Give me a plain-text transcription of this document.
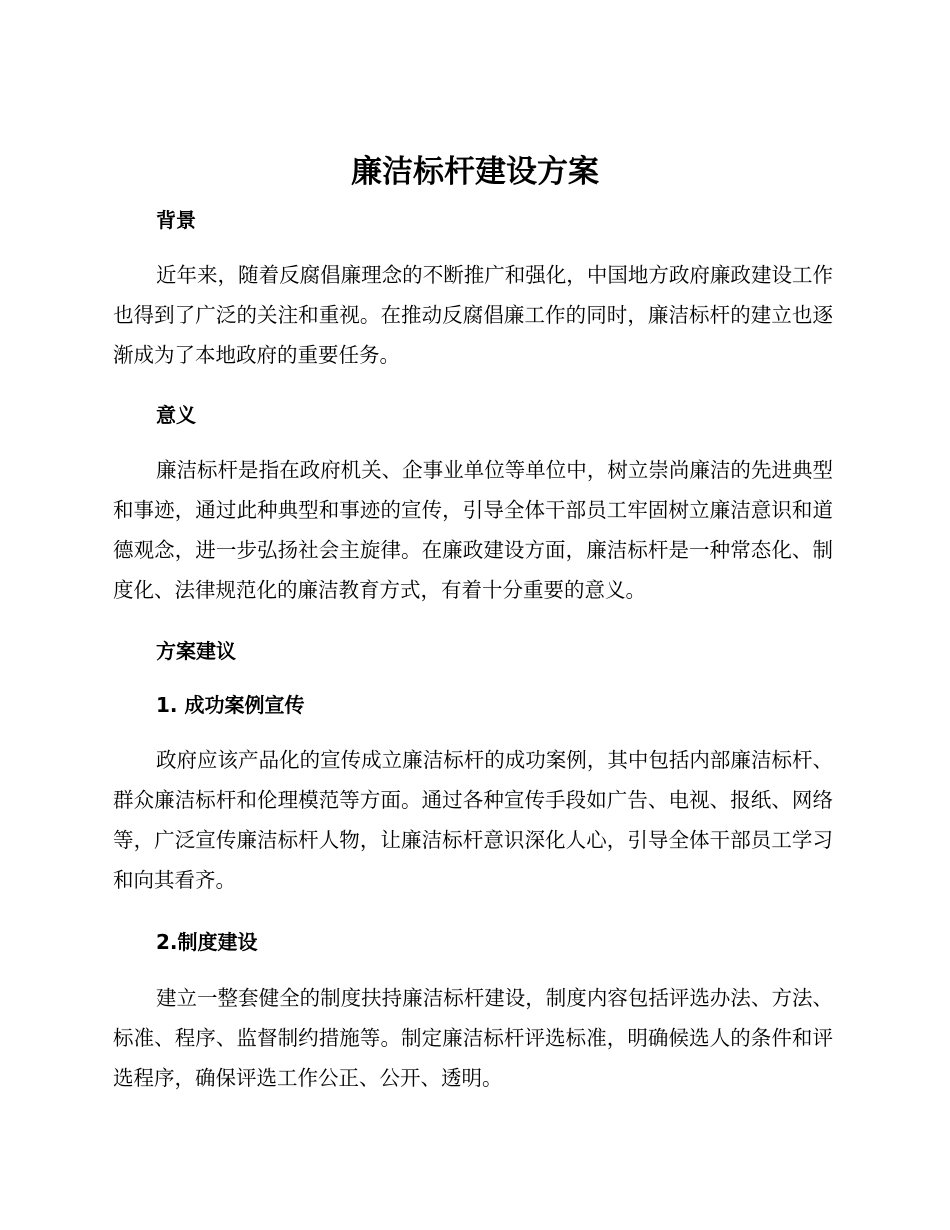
廉洁标杆建设方案
背景

近年来，随着反腐倡廉理念的不断推广和强化，中国地方政府廉政建设工作也得到了广泛的关注和重视。在推动反腐倡廉工作的同时，廉洁标杆的建立也逐渐成为了本地政府的重要任务。

意义

廉洁标杆是指在政府机关、企事业单位等单位中，树立崇尚廉洁的先进典型和事迹，通过此种典型和事迹的宣传，引导全体干部员工牢固树立廉洁意识和道德观念，进一步弘扬社会主旋律。在廉政建设方面，廉洁标杆是一种常态化、制度化、法律规范化的廉洁教育方式，有着十分重要的意义。

方案建议
1. 成功案例宣传

政府应该产品化的宣传成立廉洁标杆的成功案例，其中包括内部廉洁标杆、群众廉洁标杆和伦理模范等方面。通过各种宣传手段如广告、电视、报纸、网络等，广泛宣传廉洁标杆人物，让廉洁标杆意识深化人心，引导全体干部员工学习和向其看齐。

2.制度建设

建立一整套健全的制度扶持廉洁标杆建设，制度内容包括评选办法、方法、标准、程序、监督制约措施等。制定廉洁标杆评选标准，明确候选人的条件和评选程序，确保评选工作公正、公开、透明。
